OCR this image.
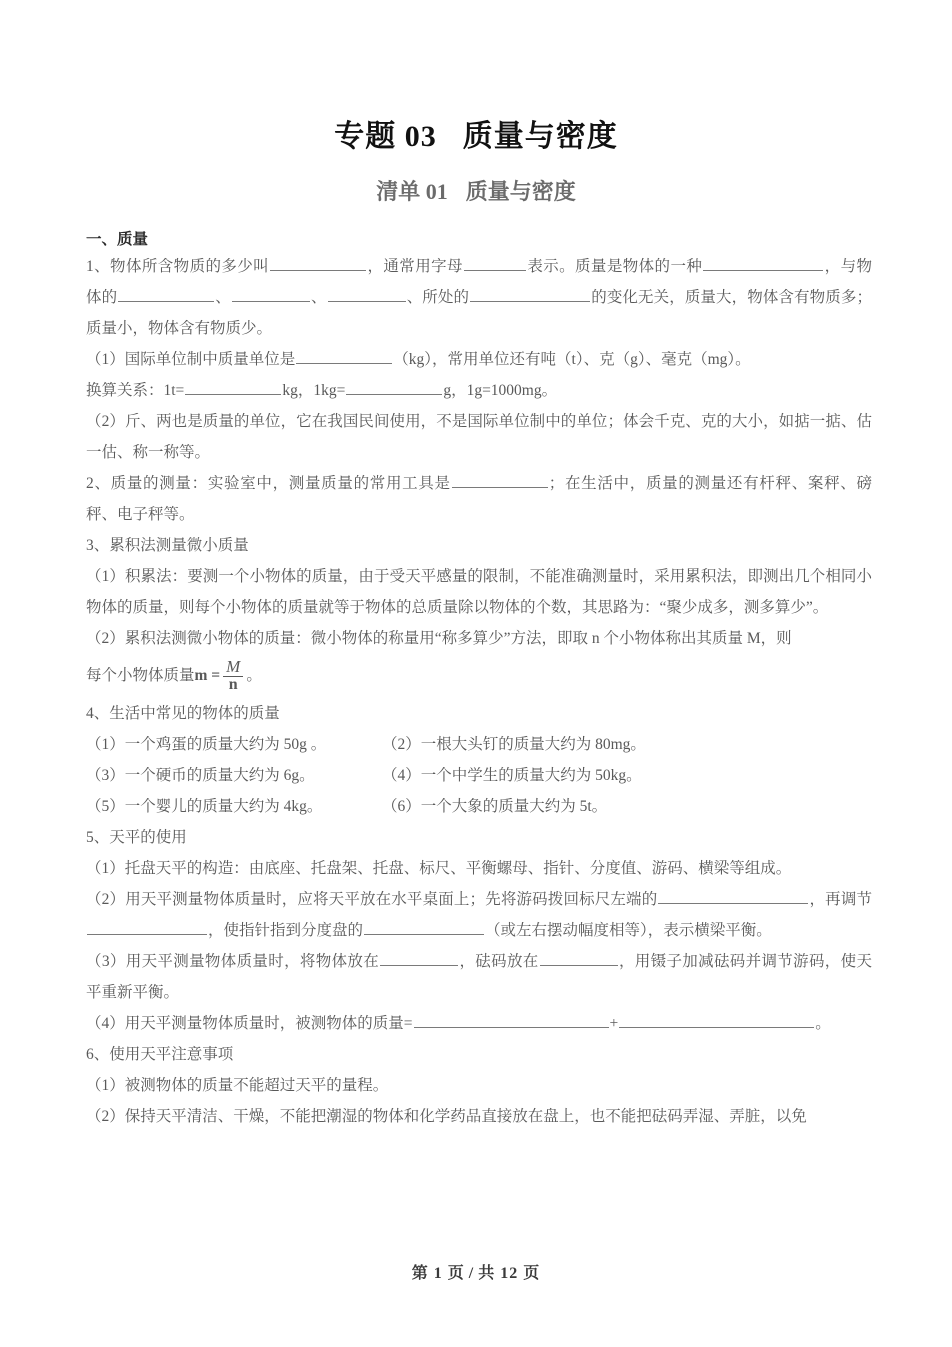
专题 03 质量与密度
清单 01 质量与密度
一、质量

1、物体所含物质的多少叫	，通常用字母	表示。质量是物体的一种	，与物体的	、	、	、所处的	的变化无关，质量大，物体含有物质多；质量小，物体含有物质少。

（1）国际单位制中质量单位是	（kg），常用单位还有吨（t）、克（g）、毫克（mg）。

换算关系：1t=	kg，1kg=	g，1g=1000mg。

（2）斤、两也是质量的单位，它在我国民间使用，不是国际单位制中的单位；体会千克、克的大小，如掂一掂、估一估、称一称等。

2、质量的测量：实验室中，测量质量的常用工具是	；在生活中，质量的测量还有杆秤、案秤、磅秤、电子秤等。

3、累积法测量微小质量

（1）积累法：要测一个小物体的质量，由于受天平感量的限制，不能准确测量时，采用累积法，即测出几个相同小物体的质量，则每个小物体的质量就等于物体的总质量除以物体的个数，其思路为：“聚少成多，测多算少”。

（2）累积法测微小物体的质量：微小物体的称量用“称多算少”方法，即取 n 个小物体称出其质量 M，则

每个小物体质量$m = \frac{M}{n}$ 。

4、生活中常见的物体的质量

（1）一个鸡蛋的质量大约为 50g 。	（2）一根大头钉的质量大约为 80mg。
（3）一个硬币的质量大约为 6g。	（4）一个中学生的质量大约为 50kg。
（5）一个婴儿的质量大约为 4kg。	（6）一个大象的质量大约为 5t。

5、天平的使用

（1）托盘天平的构造：由底座、托盘架、托盘、标尺、平衡螺母、指针、分度值、游码、横梁等组成。

（2）用天平测量物体质量时，应将天平放在水平桌面上；先将游码拨回标尺左端的	，再调节，使指针指到分度盘的	（或左右摆动幅度相等），表示横梁平衡。

（3）用天平测量物体质量时，将物体放在	，砝码放在	，用镊子加减砝码并调节游码，使天平重新平衡。

（4）用天平测量物体质量时，被测物体的质量=	+	。

6、使用天平注意事项

（1）被测物体的质量不能超过天平的量程。

（2）保持天平清洁、干燥，不能把潮湿的物体和化学药品直接放在盘上，也不能把砝码弄湿、弄脏，以免

第 1 页 / 共 12 页
